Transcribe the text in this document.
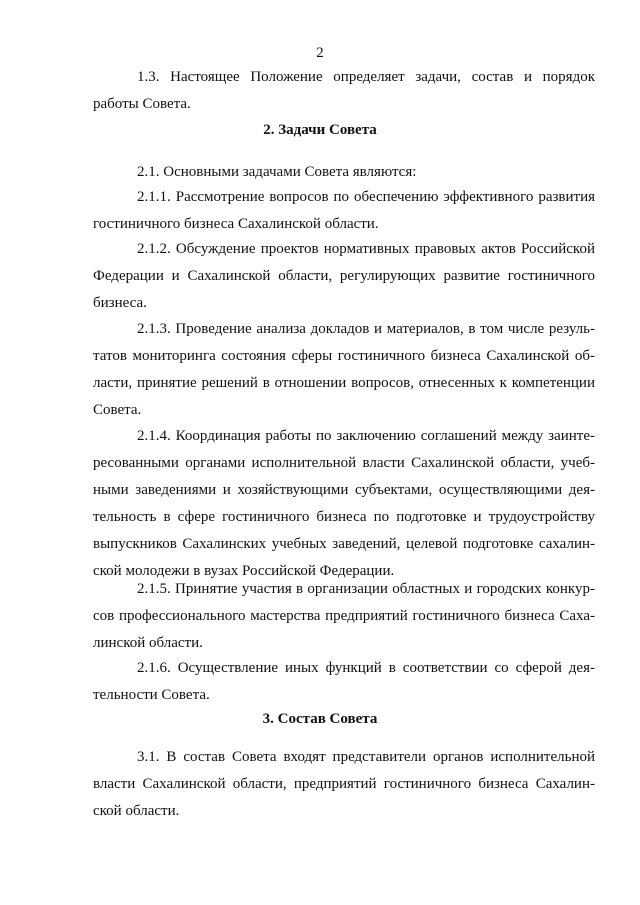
2

1.3. Настоящее Положение определяет задачи, состав и порядок работы Совета.

2. Задачи Совета

2.1. Основными задачами Совета являются:

2.1.1. Рассмотрение вопросов по обеспечению эффективного развития гостиничного бизнеса Сахалинской области.

2.1.2. Обсуждение проектов нормативных правовых актов Российской Федерации и Сахалинской области, регулирующих развитие гостиничного бизнеса.

2.1.3. Проведение анализа докладов и материалов, в том числе результатов мониторинга состояния сферы гостиничного бизнеса Сахалинской области, принятие решений в отношении вопросов, отнесенных к компетенции Совета.

2.1.4. Координация работы по заключению соглашений между заинтересованными органами исполнительной власти Сахалинской области, учебными заведениями и хозяйствующими субъектами, осуществляющими деятельность в сфере гостиничного бизнеса по подготовке и трудоустройству выпускников Сахалинских учебных заведений, целевой подготовке сахалинской молодежи в вузах Российской Федерации.

2.1.5. Принятие участия в организации областных и городских конкурсов профессионального мастерства предприятий гостиничного бизнеса Сахалинской области.

2.1.6. Осуществление иных функций в соответствии со сферой деятельности Совета.

3. Состав Совета

3.1. В состав Совета входят представители органов исполнительной власти Сахалинской области, предприятий гостиничного бизнеса Сахалинской области.
